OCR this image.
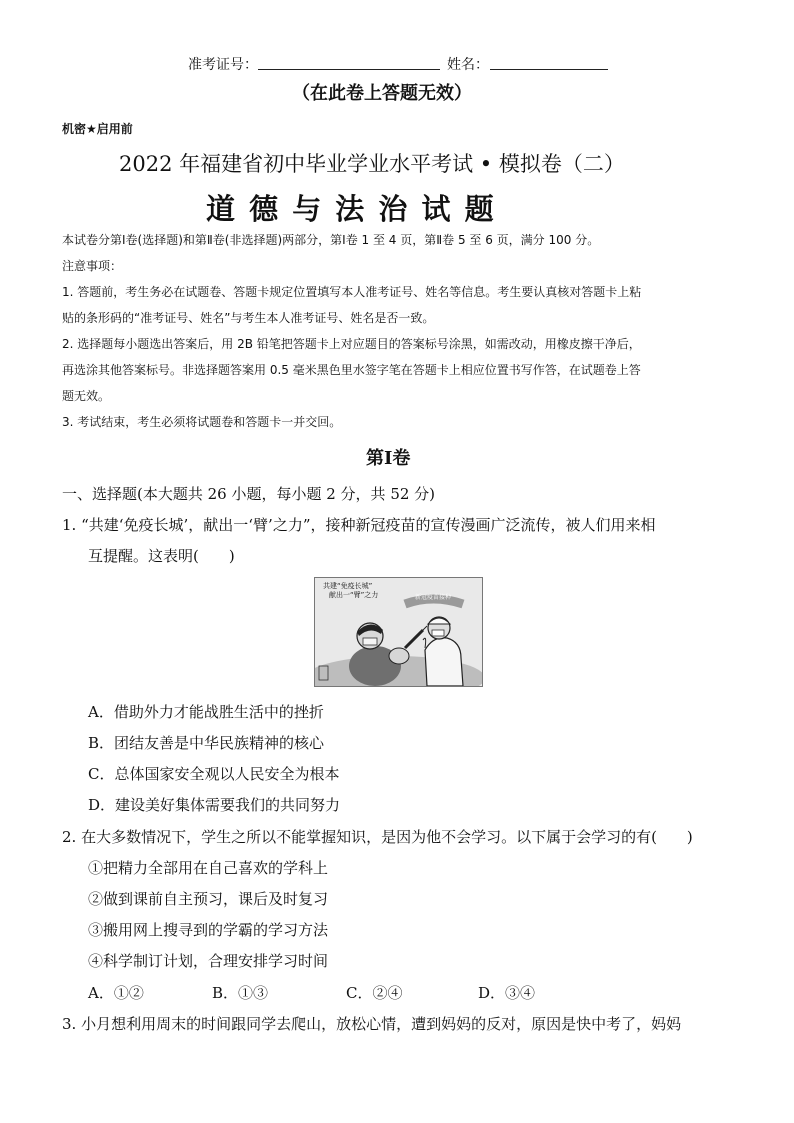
准考证号：	姓名：
（在此卷上答题无效）
机密★启用前
2022 年福建省初中毕业学业水平考试 • 模拟卷（二）
道 德 与 法 治 试 题
本试卷分第Ⅰ卷(选择题)和第Ⅱ卷(非选择题)两部分，第Ⅰ卷 1 至 4 页，第Ⅱ卷 5 至 6 页，满分 100 分。
注意事项：
1. 答题前，考生务必在试题卷、答题卡规定位置填写本人准考证号、姓名等信息。考生要认真核对答题卡上粘
贴的条形码的“准考证号、姓名”与考生本人准考证号、姓名是否一致。
2. 选择题每小题选出答案后，用 2B 铅笔把答题卡上对应题目的答案标号涂黑，如需改动，用橡皮擦干净后，
再选涂其他答案标号。非选择题答案用 0.5 毫米黑色里水签字笔在答题卡上相应位置书写作答，在试题卷上答
题无效。
3. 考试结束，考生必须将试题卷和答题卡一并交回。
第Ⅰ卷
一、选择题(本大题共 26 小题，每小题 2 分，共 52 分)
1. “共建‘免疫长城’，献出一‘臂’之力”，接种新冠疫苗的宣传漫画广泛流传，被人们用来相
互提醒。这表明(　　)
共建“免疫长城”
献出一“臂”之力	新冠疫苗接种
A．借助外力才能战胜生活中的挫折
B．团结友善是中华民族精神的核心
C．总体国家安全观以人民安全为根本
D．建设美好集体需要我们的共同努力
2. 在大多数情况下，学生之所以不能掌握知识，是因为他不会学习。以下属于会学习的有(　　)
①把精力全部用在自己喜欢的学科上
②做到课前自主预习，课后及时复习
③搬用网上搜寻到的学霸的学习方法
④科学制订计划，合理安排学习时间
A．①②	B．①③	C．②④	D．③④
3. 小月想利用周末的时间跟同学去爬山，放松心情，遭到妈妈的反对，原因是快中考了，妈妈
